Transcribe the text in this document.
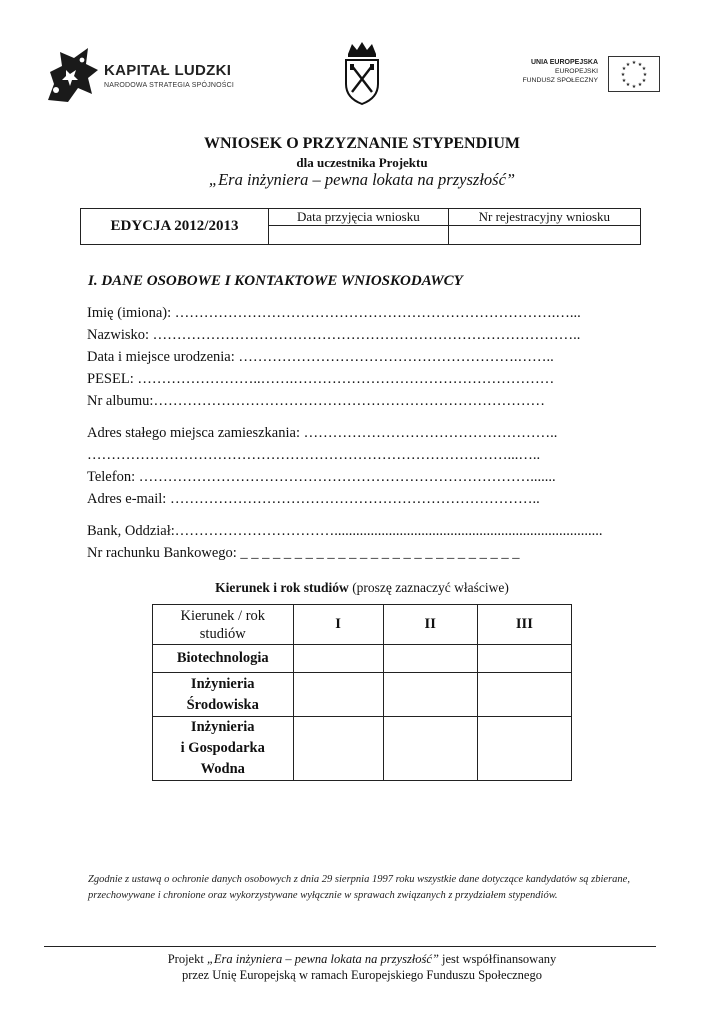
KAPITAŁ LUDZKI
NARODOWA STRATEGIA SPÓJNOŚCI
UNIA EUROPEJSKA
EUROPEJSKI
FUNDUSZ SPOŁECZNY
★ ★
★
★
★
★
★
★
★
★
★
★
WNIOSEK O PRZYZNANIE STYPENDIUM
dla uczestnika Projektu
„Era inżyniera – pewna lokata na przyszłość”
EDYCJA 2012/2013	Data przyjęcia wniosku	Nr rejestracyjny wniosku

I. DANE OSOBOWE I KONTAKTOWE WNIOSKODAWCY
Imię (imiona): …………………………………………………………………….…...
Nazwisko: ……………………………………………………………………………..
Data i miejsce urodzenia: ………………………………………………….……..
PESEL: ……………………..…….………………………………………………
Nr albumu:………………………………………………………………………
Adres stałego miejsca zamieszkania: ……………………………………………..
……………………………………………………………………………...…..
Telefon: ……………………………………………………………………….......
Adres e-mail: …………………………………………………………………..
Bank, Oddział:……………………………..........................................................................
Nr rachunku Bankowego: _ _ _ _ _ _ _ _ _ _ _ _ _ _ _ _ _ _ _ _ _ _ _ _ _ _
Kierunek i rok studiów (proszę zaznaczyć właściwe)
Kierunek / rok
studiów	I	II	III

Biotechnologia			

Inżynieria
Środowiska			

Inżynieria
i Gospodarka
Wodna			

Zgodnie z ustawą o ochronie danych osobowych z dnia 29 sierpnia 1997 roku wszystkie dane dotyczące kandydatów są zbierane, przechowywane i chronione oraz wykorzystywane wyłącznie w sprawach związanych z przydziałem stypendiów.
Projekt „Era inżyniera – pewna lokata na przyszłość” jest współfinansowany
przez Unię Europejską w ramach Europejskiego Funduszu Społecznego
